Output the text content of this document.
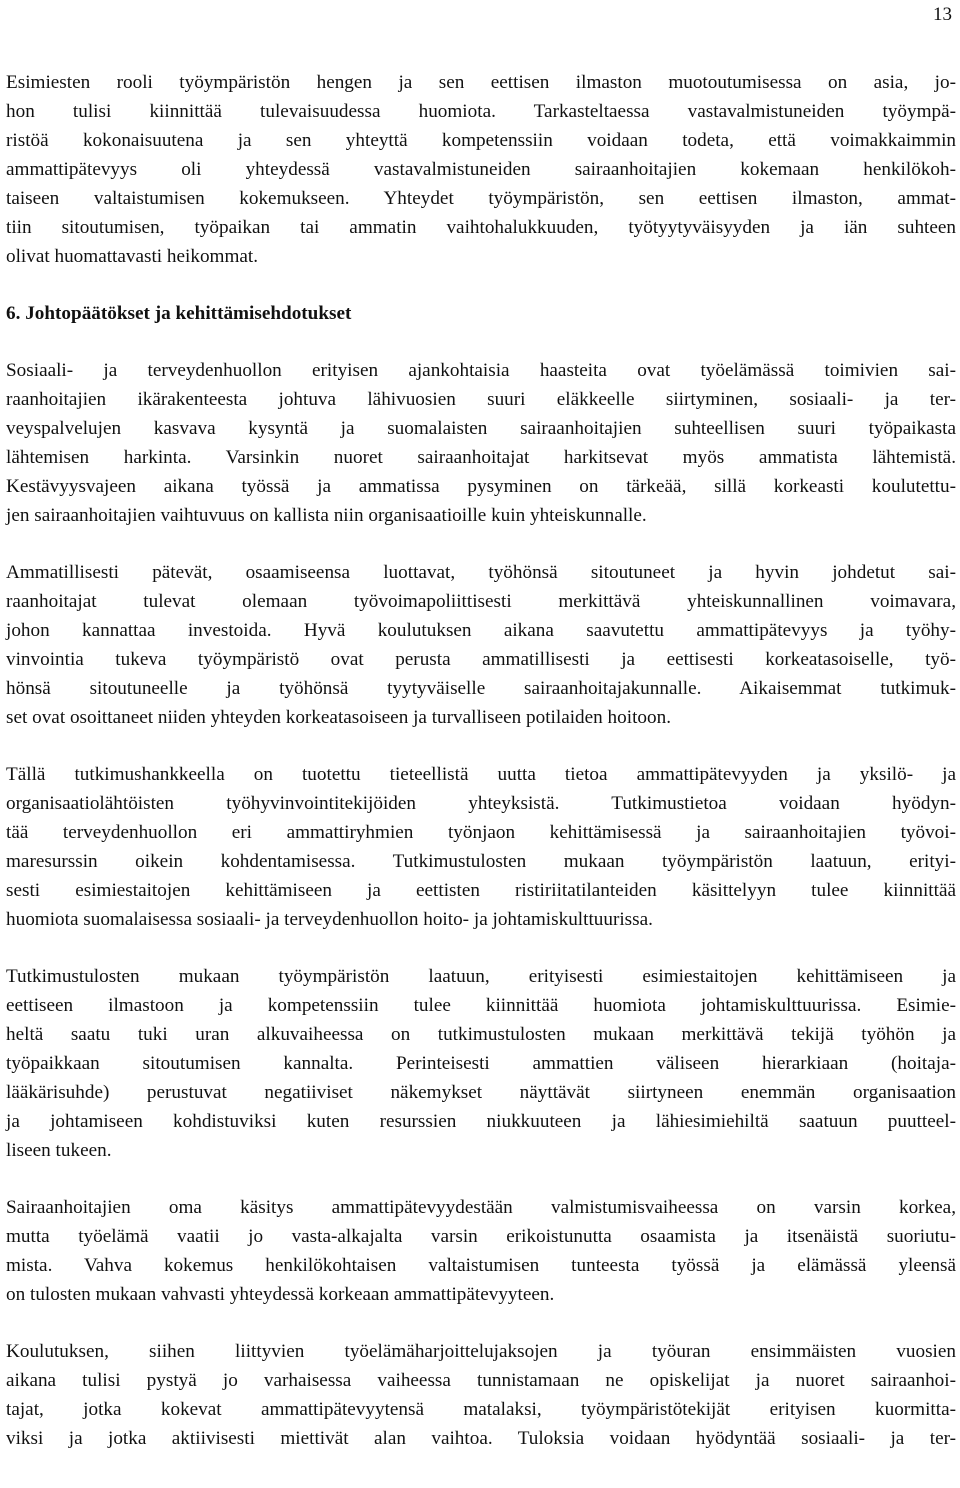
13
Esimiesten rooli työympäristön hengen ja sen eettisen ilmaston muotoutumisessa on asia, jo-
hon tulisi kiinnittää tulevaisuudessa huomiota. Tarkasteltaessa vastavalmistuneiden työympä-
ristöä kokonaisuutena ja sen yhteyttä kompetenssiin voidaan todeta, että voimakkaimmin
ammattipätevyys oli yhteydessä vastavalmistuneiden sairaanhoitajien kokemaan henkilökoh-
taiseen valtaistumisen kokemukseen. Yhteydet työympäristön, sen eettisen ilmaston, ammat-
tiin sitoutumisen, työpaikan tai ammatin vaihtohalukkuuden, työtyytyväisyyden ja iän suhteen
olivat huomattavasti heikommat.
6. Johtopäätökset ja kehittämisehdotukset
Sosiaali- ja terveydenhuollon erityisen ajankohtaisia haasteita ovat työelämässä toimivien sai-
raanhoitajien ikärakenteesta johtuva lähivuosien suuri eläkkeelle siirtyminen, sosiaali- ja ter-
veyspalvelujen kasvava kysyntä ja suomalaisten sairaanhoitajien suhteellisen suuri työpaikasta
lähtemisen harkinta. Varsinkin nuoret sairaanhoitajat harkitsevat myös ammatista lähtemistä.
Kestävyysvajeen aikana työssä ja ammatissa pysyminen on tärkeää, sillä korkeasti koulutettu-
jen sairaanhoitajien vaihtuvuus on kallista niin organisaatioille kuin yhteiskunnalle.
Ammatillisesti pätevät, osaamiseensa luottavat, työhönsä sitoutuneet ja hyvin johdetut sai-
raanhoitajat tulevat olemaan työvoimapoliittisesti merkittävä yhteiskunnallinen voimavara,
johon kannattaa investoida. Hyvä koulutuksen aikana saavutettu ammattipätevyys ja työhy-
vinvointia tukeva työympäristö ovat perusta ammatillisesti ja eettisesti korkeatasoiselle, työ-
hönsä sitoutuneelle ja työhönsä tyytyväiselle sairaanhoitajakunnalle. Aikaisemmat tutkimuk-
set ovat osoittaneet niiden yhteyden korkeatasoiseen ja turvalliseen potilaiden hoitoon.
Tällä tutkimushankkeella on tuotettu tieteellistä uutta tietoa ammattipätevyyden ja yksilö- ja
organisaatiolähtöisten työhyvinvointitekijöiden yhteyksistä. Tutkimustietoa voidaan hyödyn-
tää terveydenhuollon eri ammattiryhmien työnjaon kehittämisessä ja sairaanhoitajien työvoi-
maresurssin oikein kohdentamisessa. Tutkimustulosten mukaan työympäristön laatuun, erityi-
sesti esimiestaitojen kehittämiseen ja eettisten ristiriitatilanteiden käsittelyyn tulee kiinnittää
huomiota suomalaisessa sosiaali- ja terveydenhuollon hoito- ja johtamiskulttuurissa.
Tutkimustulosten mukaan työympäristön laatuun, erityisesti esimiestaitojen kehittämiseen ja
eettiseen ilmastoon ja kompetenssiin tulee kiinnittää huomiota johtamiskulttuurissa. Esimie-
heltä saatu tuki uran alkuvaiheessa on tutkimustulosten mukaan merkittävä tekijä työhön ja
työpaikkaan sitoutumisen kannalta. Perinteisesti ammattien väliseen hierarkiaan (hoitaja-
lääkärisuhde) perustuvat negatiiviset näkemykset näyttävät siirtyneen enemmän organisaation
ja johtamiseen kohdistuviksi kuten resurssien niukkuuteen ja lähiesimiehiltä saatuun puutteel-
liseen tukeen.
Sairaanhoitajien oma käsitys ammattipätevyydestään valmistumisvaiheessa on varsin korkea,
mutta työelämä vaatii jo vasta-alkajalta varsin erikoistunutta osaamista ja itsenäistä suoriutu-
mista. Vahva kokemus henkilökohtaisen valtaistumisen tunteesta työssä ja elämässä yleensä
on tulosten mukaan vahvasti yhteydessä korkeaan ammattipätevyyteen.
Koulutuksen, siihen liittyvien työelämäharjoittelujaksojen ja työuran ensimmäisten vuosien
aikana tulisi pystyä jo varhaisessa vaiheessa tunnistamaan ne opiskelijat ja nuoret sairaanhoi-
tajat, jotka kokevat ammattipätevyytensä matalaksi, työympäristötekijät erityisen kuormitta-
viksi ja jotka aktiivisesti miettivät alan vaihtoa. Tuloksia voidaan hyödyntää sosiaali- ja ter-
